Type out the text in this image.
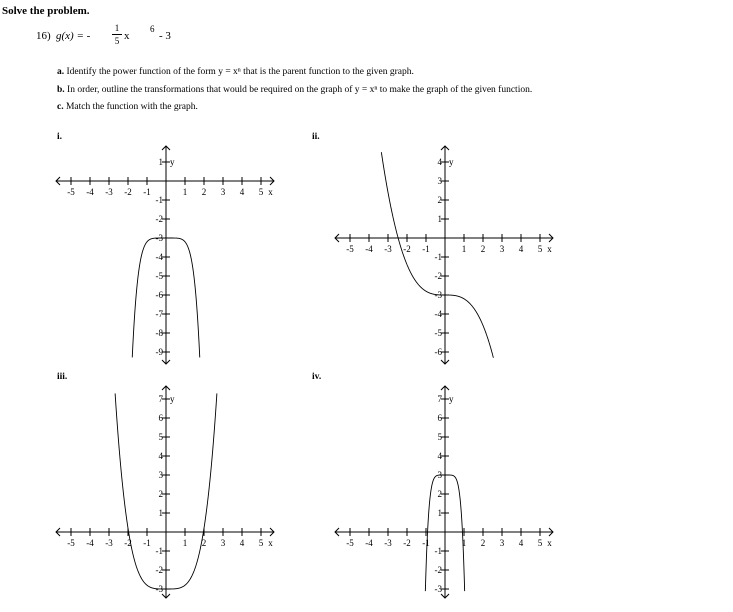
Solve the problem.
16) g(x) = -
1
5 x
6
- 3
a. Identify the power function of the form y = xⁿ that is the parent function to the given graph.
b. In order, outline the transformations that would be required on the graph of y = xⁿ to make the graph of the given function.
c. Match the function with the graph.
i.	ii.
iii.	iv.
-5 -4 -3 -2 -1	1 2 3 4 5 x
1
-1
-2
-3
-4
-5
-6
-7
-8
-9
y
-5 -4 -3 -2 -1	1 2 3 4 5 x
4
3
2
1
-1
-2
-3
-4
-5
-6
y
-5 -4 -3 -2 -1	1 2 3 4 5 x
7
6
5
4
3
2
1
-1
-2
-3
y
-5 -4 -3 -2 -1	1 2 3 4 5 x
7
6
5
4
3
2
1
-1
-2
-3
y
